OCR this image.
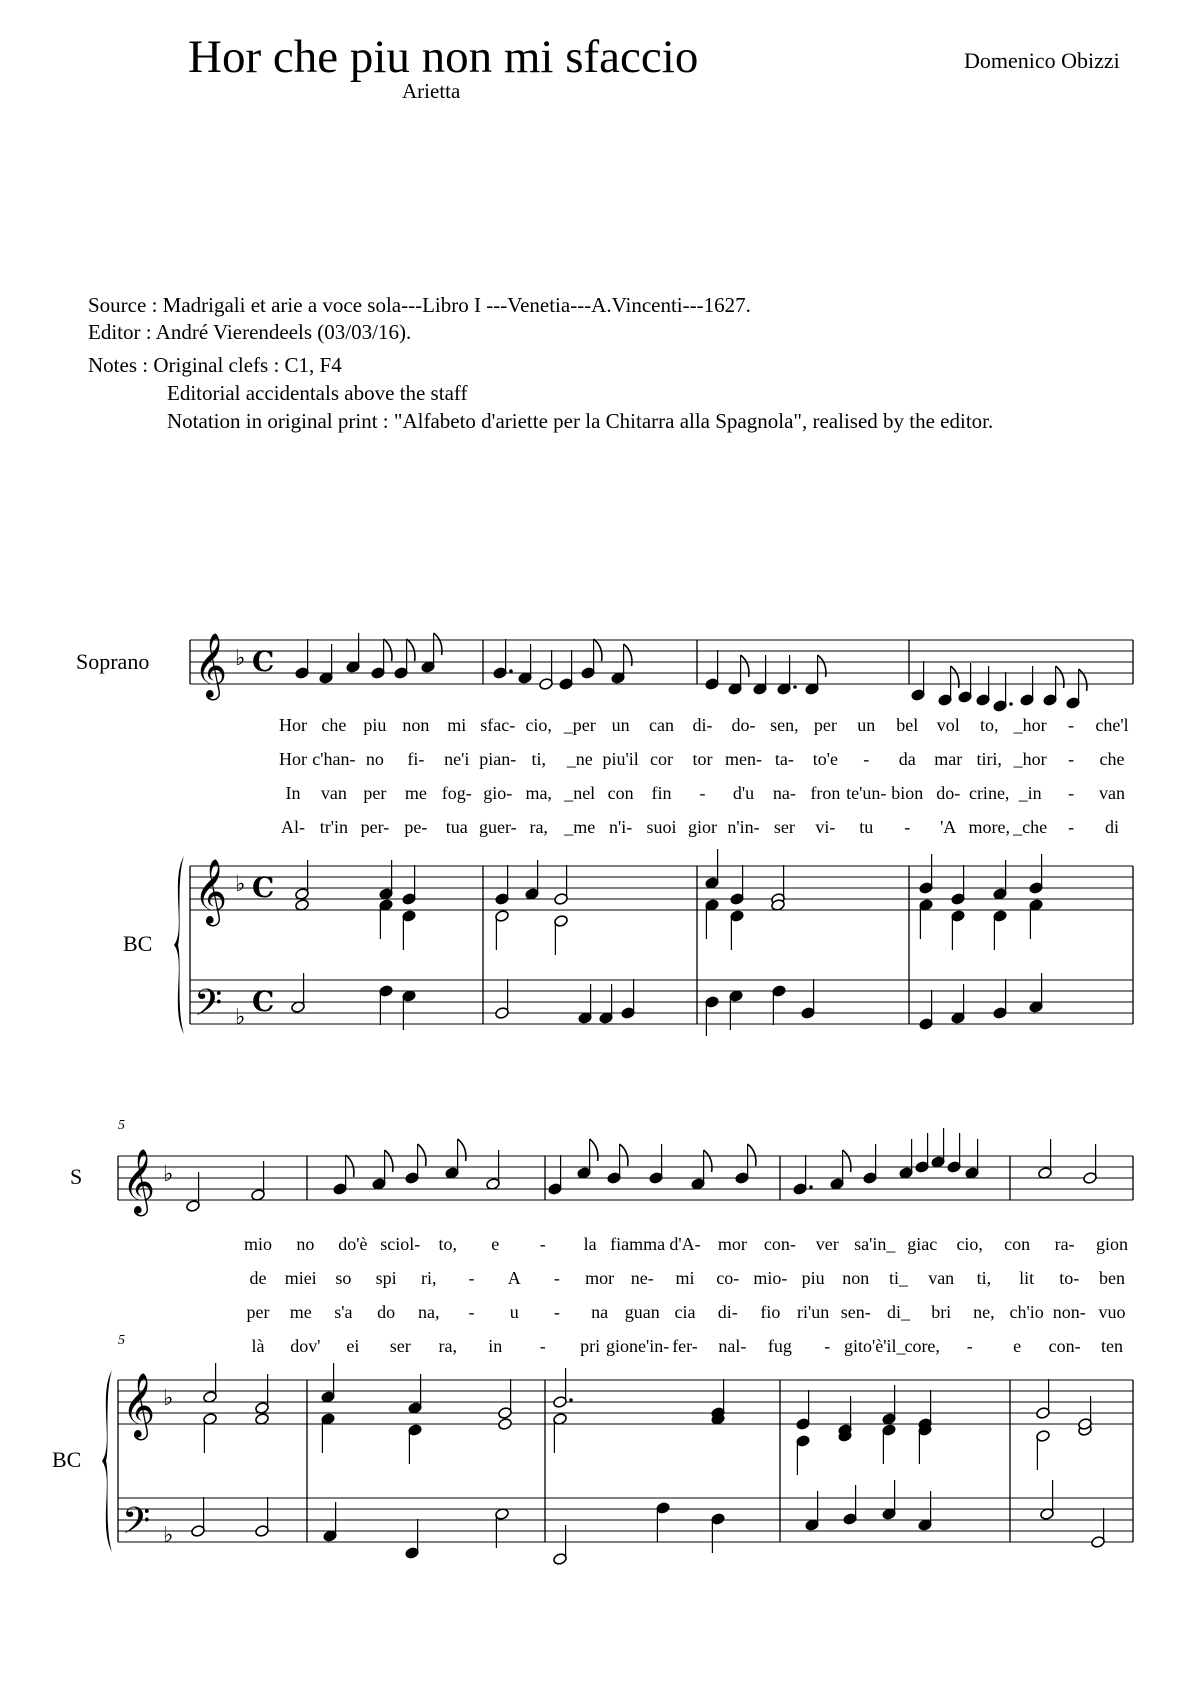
Hor che piu non mi sfaccio
Arietta
Domenico Obizzi
Source : Madrigali et arie a voce sola---Libro I ---Venetia---A.Vincenti---1627.
Editor : André Vierendeels (03/03/16).
Notes : Original clefs : C1, F4
Editorial accidentals above the staff
Notation in original print : "Alfabeto d'ariette per la Chitarra alla Spagnola", realised by the editor.
Soprano
BC
𝄞
𝄞
𝄢
♭
♭
♭
C
C
C
Hor che piu non mi sfac- cio, _per un can di- do- sen, per un bel vol to, _hor - che'l
Hor c'han- no fi- ne'i pian- ti, _ne piu'il cor tor men- ta- to'e - da mar tiri, _hor - che
In van per me fog- gio- ma, _nel con fin - d'u na- fron te'un- bion do- crine, _in - van
Al- tr'in per- pe- tua guer- ra, _me n'i- suoi gior n'in- ser vi- tu - 'A more, _che - di
5
5
S
BC
𝄞
𝄞
𝄢
♭
♭
♭
mio no do'è sciol- to, e - la fiamma d'A- mor con- ver sa'in_ giac cio, con ra- gion
de miei so spi ri, - A - mor ne- mi co- mio- piu non ti_ van ti, lit to- ben
per me s'a do na, - u - na guan cia di- fio ri'un sen- di_ bri ne, ch'io non- vuo
là dov' ei ser ra, in - pri gione'in- fer- nal- fug - gito'è'il_
core, - e con- ten
